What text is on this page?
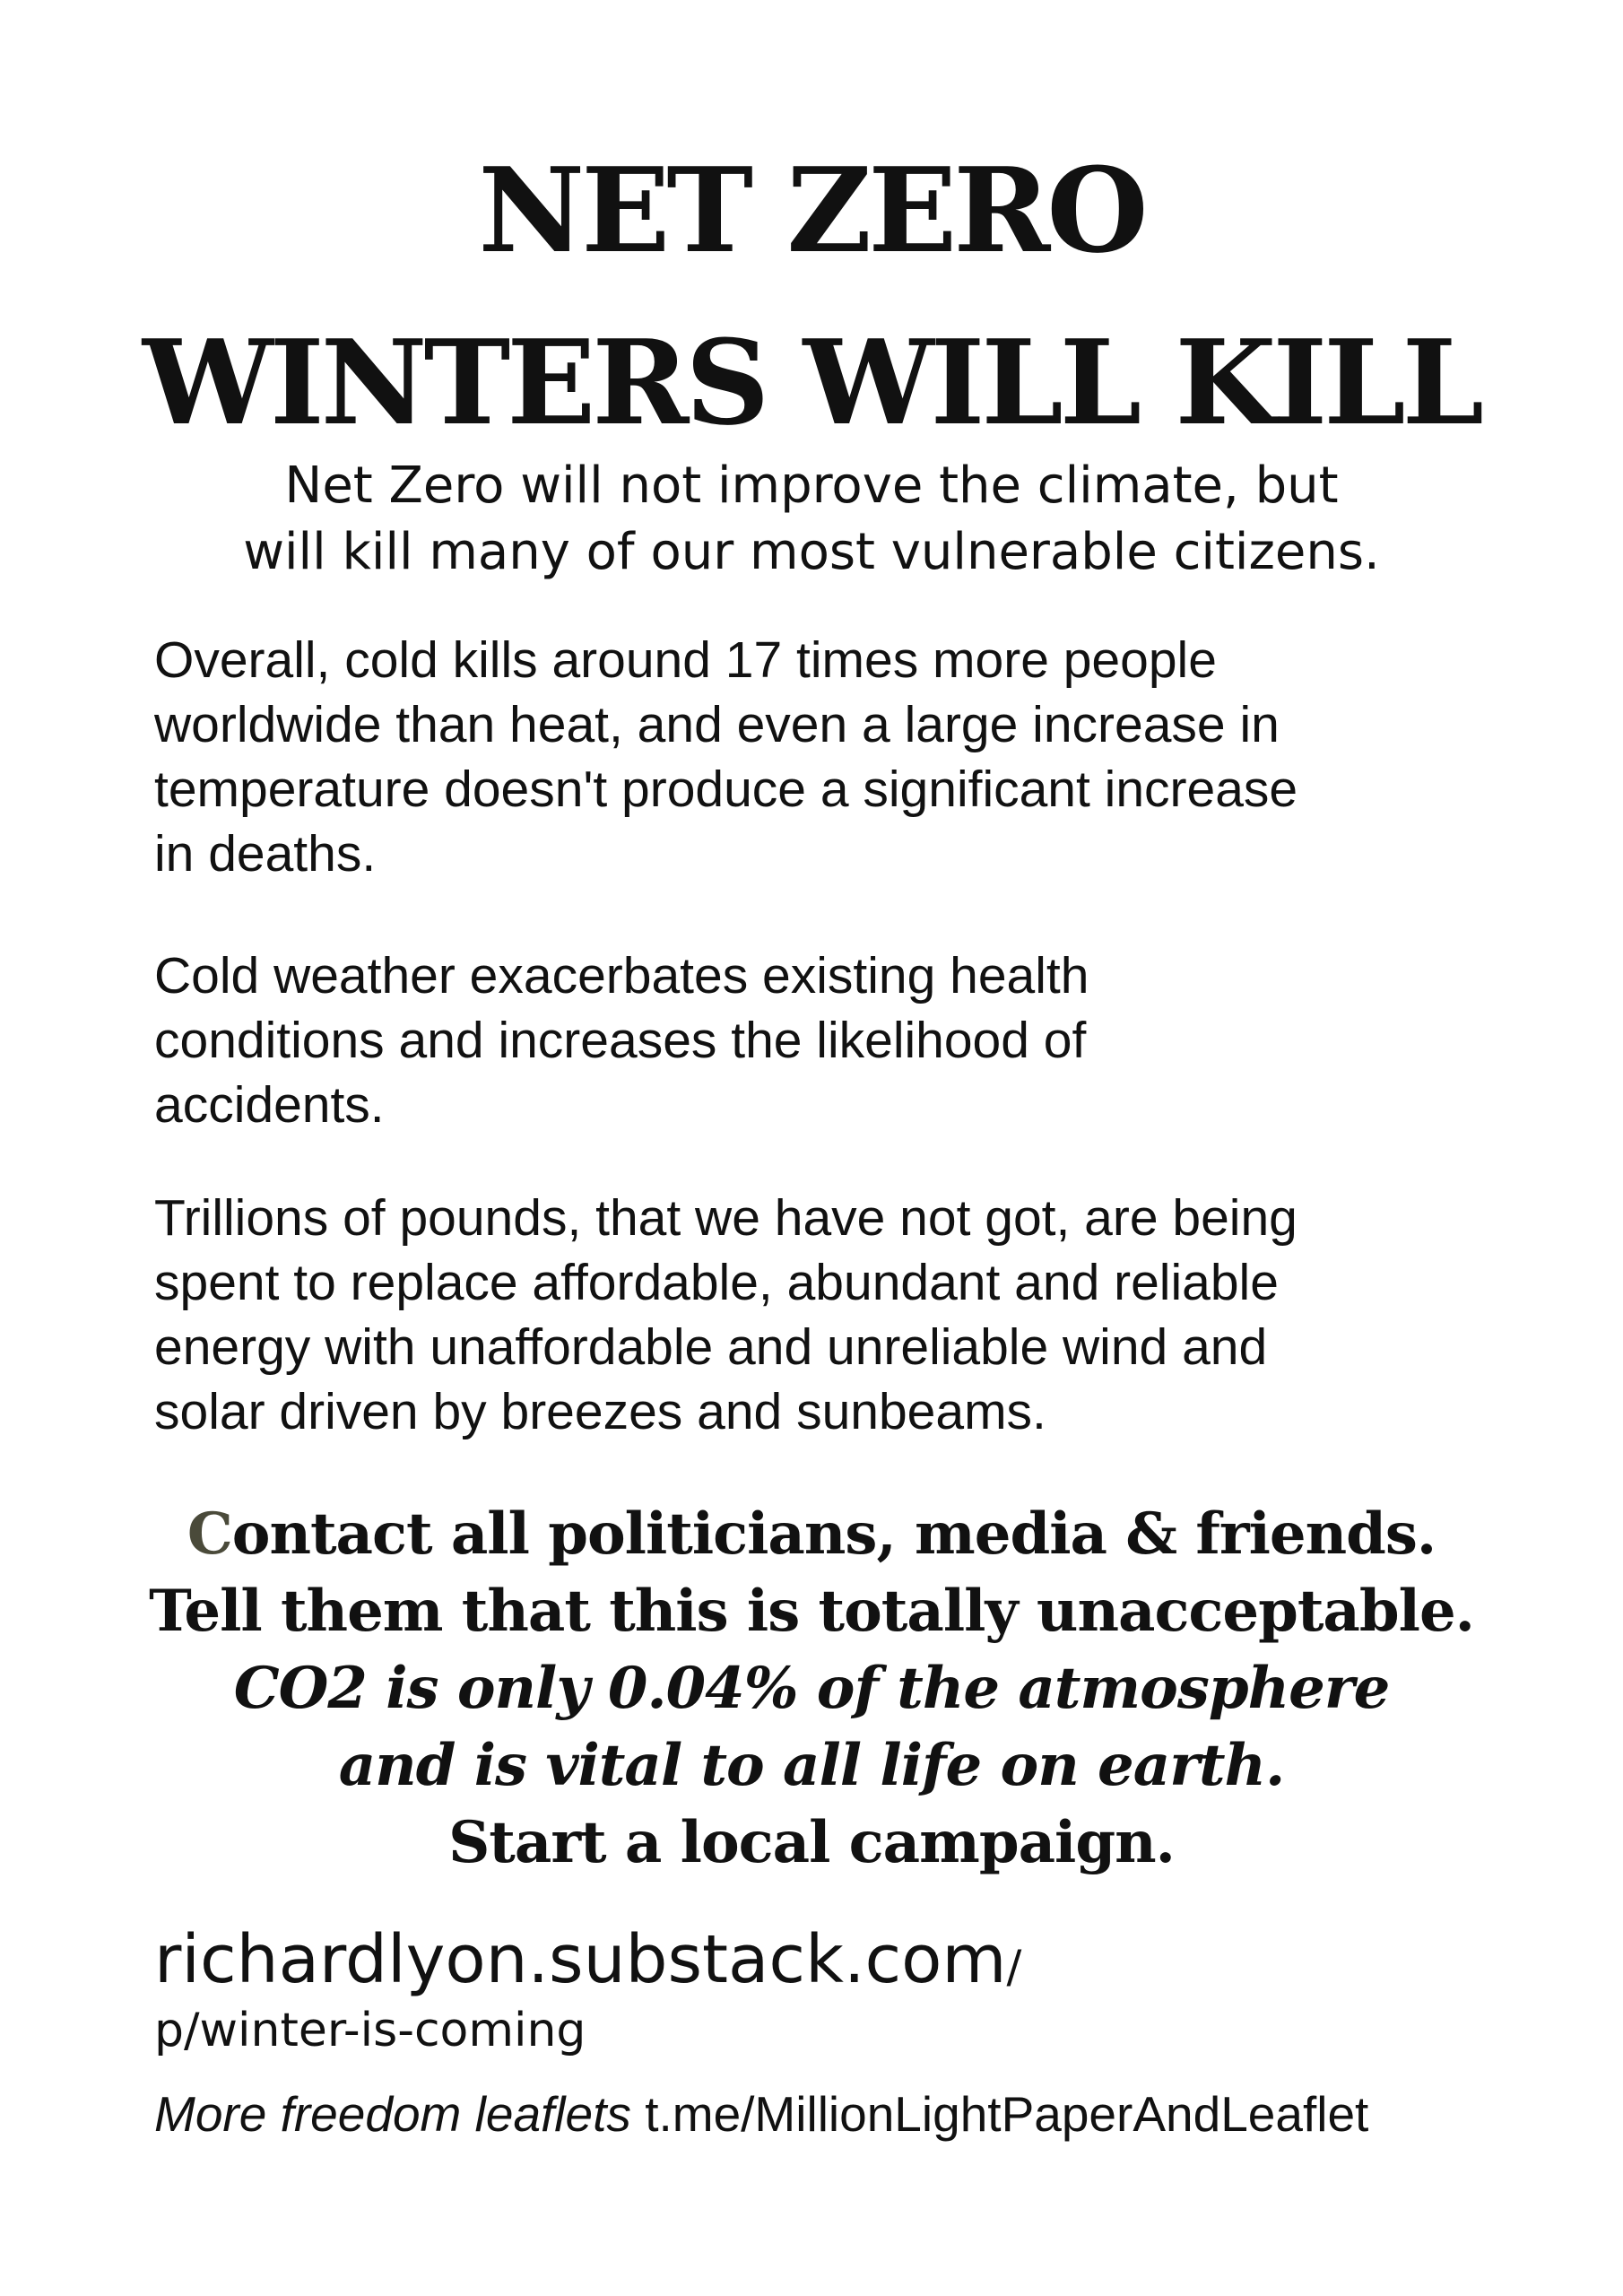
NET ZERO
WINTERS WILL KILL

Net Zero will not improve the climate, but
will kill many of our most vulnerable citizens.

Overall, cold kills around 17 times more people
worldwide than heat, and even a large increase in
temperature doesn't produce a significant increase
in deaths.

Cold weather exacerbates existing health
conditions and increases the likelihood of
accidents.

Trillions of pounds, that we have not got, are being
spent to replace affordable, abundant and reliable
energy with unaffordable and unreliable wind and
solar driven by breezes and sunbeams.

Contact all politicians, media & friends.
Tell them that this is totally unacceptable.
CO2 is only 0.04% of the atmosphere
and is vital to all life on earth.
Start a local campaign.
richardlyon.substack.com/
p/winter-is-coming
More freedom leaflets t.me/MillionLightPaperAndLeaflet
